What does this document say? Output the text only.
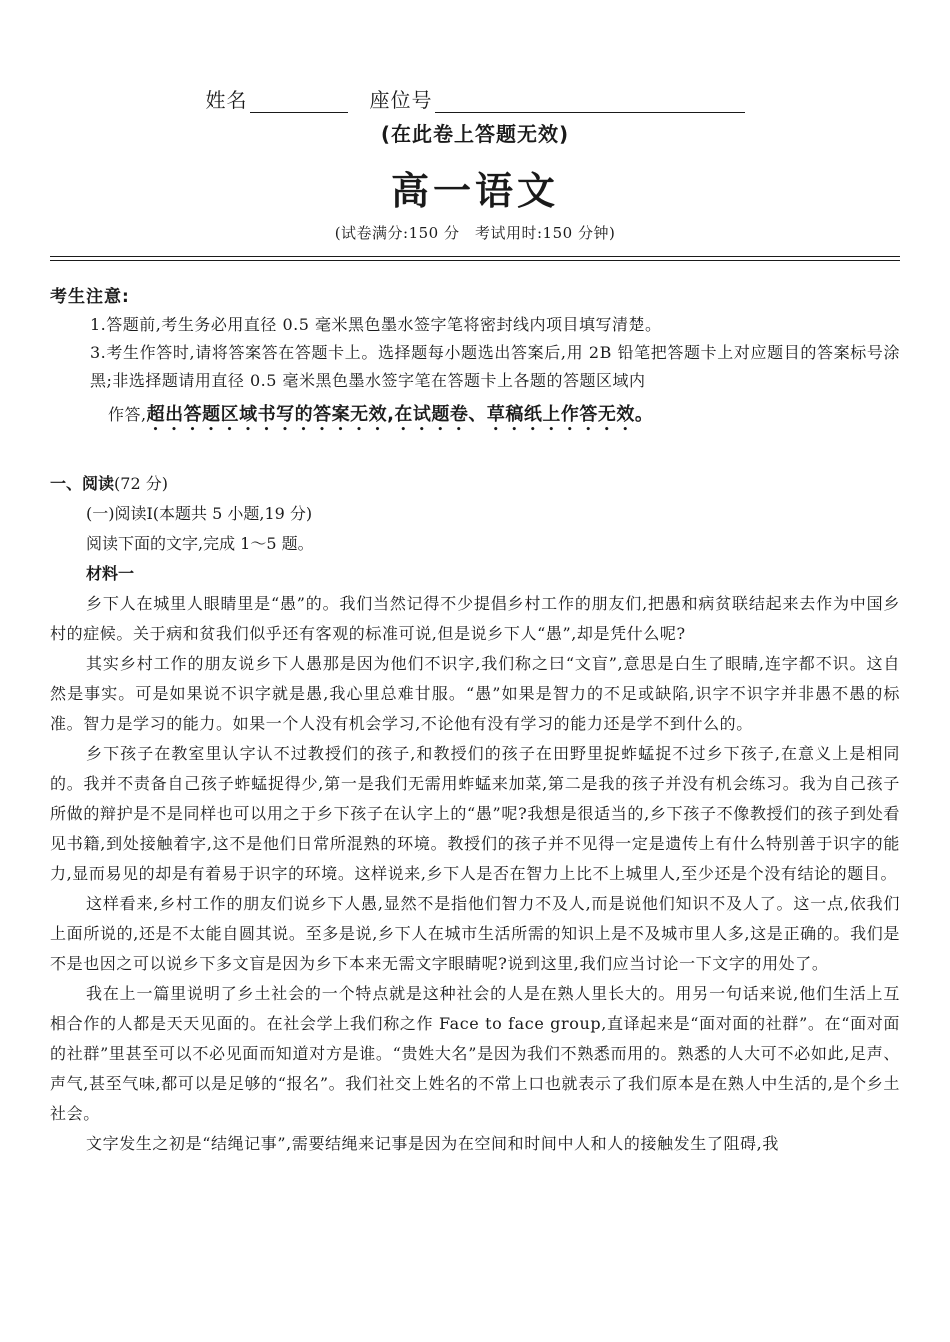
姓名	座位号
(在此卷上答题无效)
高一语文
(试卷满分:150 分　考试用时:150 分钟)
考生注意:
1.答题前,考生务必用直径 0.5 毫米黑色墨水签字笔将密封线内项目填写清楚。
3.考生作答时,请将答案答在答题卡上。选择题每小题选出答案后,用 2B 铅笔把答题卡上对应题目的答案标号涂黑;非选择题请用直径 0.5 毫米黑色墨水签字笔在答题卡上各题的答题区域内
作答,超出答题区域书写的答案无效,在试题卷、草稿纸上作答无效。
一、阅读(72 分)
(一)阅读Ⅰ(本题共 5 小题,19 分)
阅读下面的文字,完成 1～5 题。
材料一

乡下人在城里人眼睛里是“愚”的。我们当然记得不少提倡乡村工作的朋友们,把愚和病贫联结起来去作为中国乡村的症候。关于病和贫我们似乎还有客观的标准可说,但是说乡下人“愚”,却是凭什么呢?

其实乡村工作的朋友说乡下人愚那是因为他们不识字,我们称之曰“文盲”,意思是白生了眼睛,连字都不识。这自然是事实。可是如果说不识字就是愚,我心里总难甘服。“愚”如果是智力的不足或缺陷,识字不识字并非愚不愚的标准。智力是学习的能力。如果一个人没有机会学习,不论他有没有学习的能力还是学不到什么的。

乡下孩子在教室里认字认不过教授们的孩子,和教授们的孩子在田野里捉蚱蜢捉不过乡下孩子,在意义上是相同的。我并不责备自己孩子蚱蜢捉得少,第一是我们无需用蚱蜢来加菜,第二是我的孩子并没有机会练习。我为自己孩子所做的辩护是不是同样也可以用之于乡下孩子在认字上的“愚”呢?我想是很适当的,乡下孩子不像教授们的孩子到处看见书籍,到处接触着字,这不是他们日常所混熟的环境。教授们的孩子并不见得一定是遗传上有什么特别善于识字的能力,显而易见的却是有着易于识字的环境。这样说来,乡下人是否在智力上比不上城里人,至少还是个没有结论的题目。

这样看来,乡村工作的朋友们说乡下人愚,显然不是指他们智力不及人,而是说他们知识不及人了。这一点,依我们上面所说的,还是不太能自圆其说。至多是说,乡下人在城市生活所需的知识上是不及城市里人多,这是正确的。我们是不是也因之可以说乡下多文盲是因为乡下本来无需文字眼睛呢?说到这里,我们应当讨论一下文字的用处了。

我在上一篇里说明了乡土社会的一个特点就是这种社会的人是在熟人里长大的。用另一句话来说,他们生活上互相合作的人都是天天见面的。在社会学上我们称之作 Face to face group,直译起来是“面对面的社群”。在“面对面的社群”里甚至可以不必见面而知道对方是谁。“贵姓大名”是因为我们不熟悉而用的。熟悉的人大可不必如此,足声、声气,甚至气味,都可以是足够的“报名”。我们社交上姓名的不常上口也就表示了我们原本是在熟人中生活的,是个乡土社会。

文字发生之初是“结绳记事”,需要结绳来记事是因为在空间和时间中人和人的接触发生了阻碍,我
